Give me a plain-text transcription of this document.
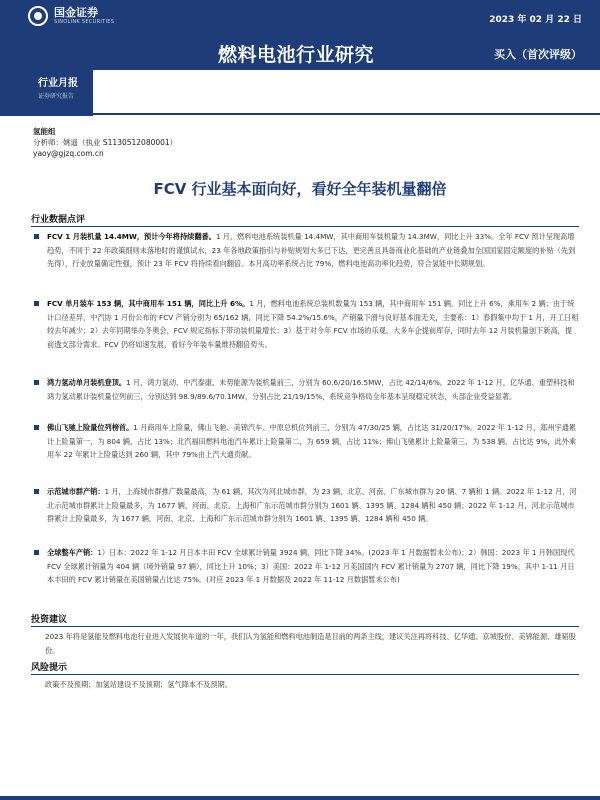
国金证券
SINOLINK SECURITIES	2023 年 02 月 22 日
燃料电池行业研究	买入（首次评级）
行业月报
证券研究报告
氢能组
分析师：姚遥（执业 S1130512080001）
yaoy@gjzq.com.cn
FCV 行业基本面向好，看好全年装机量翻倍
行业数据点评
FCV 1 月装机量 14.4MW，预计今年将持续翻番。1 月，燃料电池系统装机量 14.4MW，其中商用车装机量为 14.3MW，同比上升 33%。全年 FCV 预计呈现高增趋势，不同于 22 年政策细则未落地时的谨慎试水，23 年各地政策指引与补贴规划大多已下达，更完善且具备商业化基础的产业链叠加全国国家固定额度的补贴（先到先得），行业放量确定性强，预计 23 年 FCV 将持续看向翻倍。本月高功率系统占比 79%，燃料电池高功率化趋势，符合氢能中长期规划。
FCV 单月装车 153 辆，其中商用车 151 辆，同比上升 6%。1 月，燃料电池系统总装机数量为 153 辆，其中商用车 151 辆，同比上升 6%，乘用车 2 辆；由于统计口径差异，中汽协 1 月份公布的 FCV 产销分别为 65/162 辆，同比下降 54.2%/15.6%，产销量下滑与良好基本面无关，主要系：1）春假集中均于 1 月，开工日相较去年减少；2）去年同期举办冬奥会，FCV 规定指标下带动装机量增长；3）基于对今年 FCV 市场的乐观，大多车企提前库存，同时去年 12 月装机量创下新高，提前透支部分需求。FCV 仍将如速发展，看好今年装车量维持翻倍势头。
鸿力氢动单月装机登顶。1 月，鸿力氢动、中汽泰康、未势能源为装机量前三，分别为 60.6/20/16.5MW，占比 42/14/6%。2022 年 1-12 月，亿华通、重塑科技和鸿力氢动累计装机量位列前三，分别达到 98.9/89.6/70.1MW，分别占比 21/19/15%，系统竞争格局全年基本呈现稳定状态，头部企业受益显著。
佛山飞驰上险量位列榜首。1 月商用车上险量，佛山飞驰、美锦汽车、中原总机位列前三，分别为 47/30/25 辆，占比达 31/20/17%。2022 年 1-12 月，郑州宇通累计上险量第一，为 804 辆，占比 13%；北汽福田燃料电池汽车累计上险量第二，为 659 辆，占比 11%；佛山飞驰累计上险量第三，为 538 辆，占比达 9%，此外乘用车 22 年累计上险量达到 260 辆，其中 79%由上汽大通贡献。
示范城市群产销：1 月，上海城市群推广数量最高，为 61 辆，其次为河北城市群，为 23 辆，北京、河南、广东城市群为 20 辆、7 辆和 1 辆。2022 年 1-12 月，河北示范城市群累计上险量最多，为 1677 辆，河南、北京、上海和广东示范城市群分别为 1601 辆、1395 辆、1284 辆和 450 辆；2022 年 1-12 月，河北示范城市群累计上险量最多，为 1677 辆，河南、北京、上海和广东示范城市群分别为 1601 辆、1395 辆、1284 辆和 450 辆。
全球整车产销：1）日本：2022 年 1-12 月日本丰田 FCV 全球累计销量 3924 辆，同比下降 34%。(2023 年 1 月数据暂未公布)；2）韩国：2023 年 1 月韩国现代 FCV 全球累计销量为 404 辆（境外销量 97 辆），同比上升 10%；3）美国：2022 年 1-12 月美国国内 FCV 累计销量为 2707 辆，同比下降 19%，其中 1-11 月日本丰田的 FCV 累计销量在美国销量占比达 75%。(对应 2023 年 1 月数据及 2022 年 11-12 月数据暂未公布)
投资建议
2023 年将是氢能及燃料电池行业进入发展快车道的一年，我们认为氢能和燃料电池制造是目前的两条主线，建议关注再将科技、亿华通、京城股份、美锦能源、雄韬股份。
风险提示
政策不及预期；加氢站建设不及预期；氢气降本不及预期。
